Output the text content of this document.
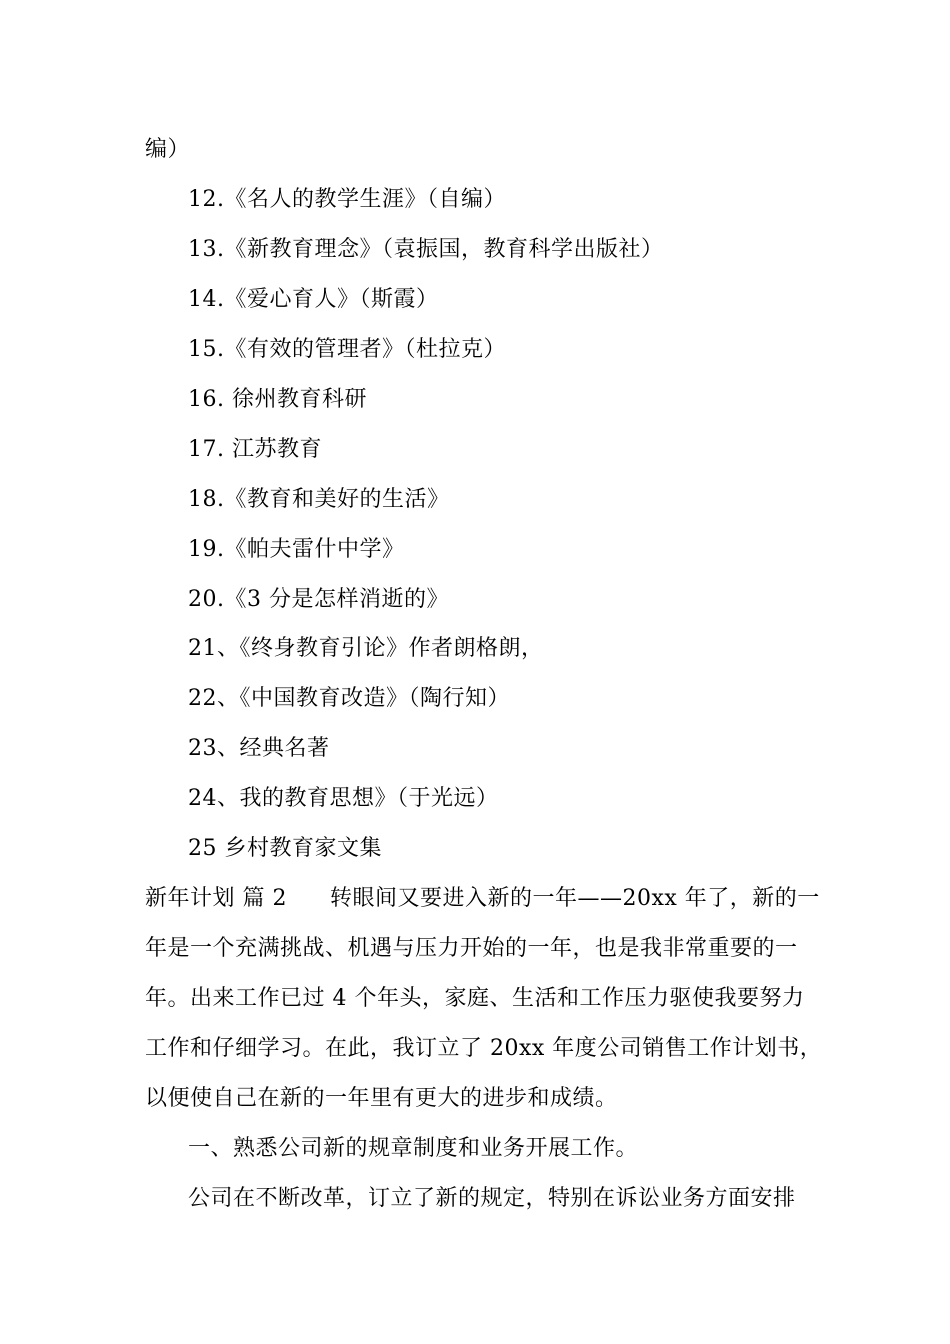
编）
12.《名人的教学生涯》（自编）
13.《新教育理念》（袁振国，教育科学出版社）
14.《爱心育人》（斯霞）
15.《有效的管理者》（杜拉克）
16. 徐州教育科研
17. 江苏教育
18.《教育和美好的生活》
19.《帕夫雷什中学》
20.《3 分是怎样消逝的》
21、《终身教育引论》作者朗格朗，
22、《中国教育改造》（陶行知）
23、经典名著
24、我的教育思想》（于光远）
25 乡村教育家文集
新年计划 篇 2	转眼间又要进入新的一年——20xx 年了，新的一
年是一个充满挑战、机遇与压力开始的一年，也是我非常重要的一
年。出来工作已过 4 个年头，家庭、生活和工作压力驱使我要努力
工作和仔细学习。在此，我订立了 20xx 年度公司销售工作计划书，
以便使自己在新的一年里有更大的进步和成绩。
一、熟悉公司新的规章制度和业务开展工作。
公司在不断改革，订立了新的规定，特别在诉讼业务方面安排
